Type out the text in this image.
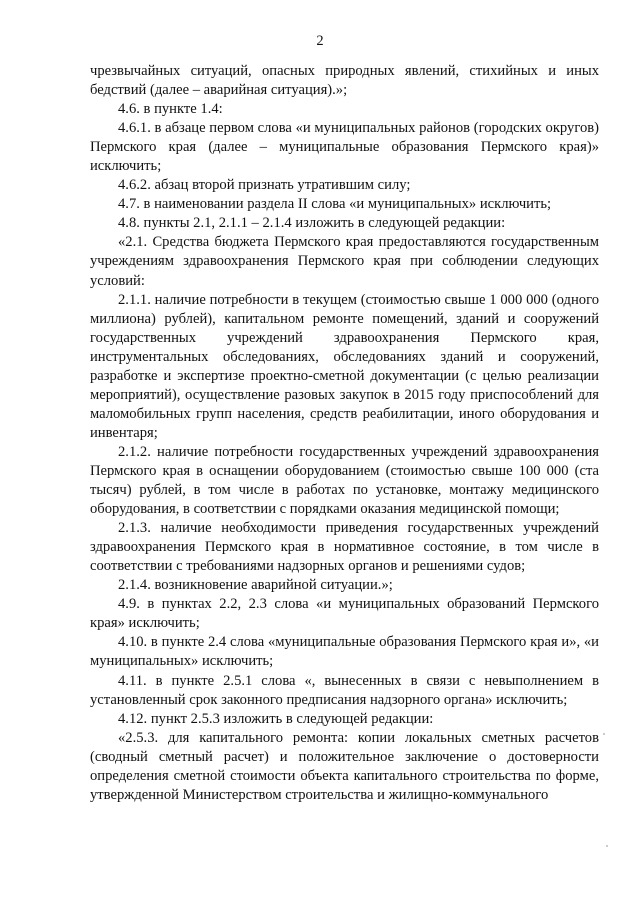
2

чрезвычайных ситуаций, опасных природных явлений, стихийных и иных бедствий (далее – аварийная ситуация).»;

4.6. в пункте 1.4:

4.6.1. в абзаце первом слова «и муниципальных районов (городских округов) Пермского края (далее – муниципальные образования Пермского края)» исключить;

4.6.2. абзац второй признать утратившим силу;

4.7. в наименовании раздела II слова «и муниципальных» исключить;

4.8. пункты 2.1, 2.1.1 – 2.1.4 изложить в следующей редакции:

«2.1. Средства бюджета Пермского края предоставляются государственным учреждениям здравоохранения Пермского края при соблюдении следующих условий:

2.1.1. наличие потребности в текущем (стоимостью свыше 1 000 000 (одного миллиона) рублей), капитальном ремонте помещений, зданий и сооружений государственных учреждений здравоохранения Пермского края, инструментальных обследованиях, обследованиях зданий и сооружений, разработке и экспертизе проектно-сметной документации (с целью реализации мероприятий), осуществление разовых закупок в 2015 году приспособлений для маломобильных групп населения, средств реабилитации, иного оборудования и инвентаря;

2.1.2. наличие потребности государственных учреждений здравоохранения Пермского края в оснащении оборудованием (стоимостью свыше 100 000 (ста тысяч) рублей, в том числе в работах по установке, монтажу медицинского оборудования, в соответствии с порядками оказания медицинской помощи;

2.1.3. наличие необходимости приведения государственных учреждений здравоохранения Пермского края в нормативное состояние, в том числе в соответствии с требованиями надзорных органов и решениями судов;

2.1.4. возникновение аварийной ситуации.»;

4.9. в пунктах 2.2, 2.3 слова «и муниципальных образований Пермского края» исключить;

4.10. в пункте 2.4 слова «муниципальные образования Пермского края и», «и муниципальных» исключить;

4.11. в пункте 2.5.1 слова «, вынесенных в связи с невыполнением в установленный срок законного предписания надзорного органа» исключить;

4.12. пункт 2.5.3 изложить в следующей редакции:

«2.5.3. для капитального ремонта: копии локальных сметных расчетов (сводный сметный расчет) и положительное заключение о достоверности определения сметной стоимости объекта капитального строительства по форме, утвержденной Министерством строительства и жилищно-коммунального
